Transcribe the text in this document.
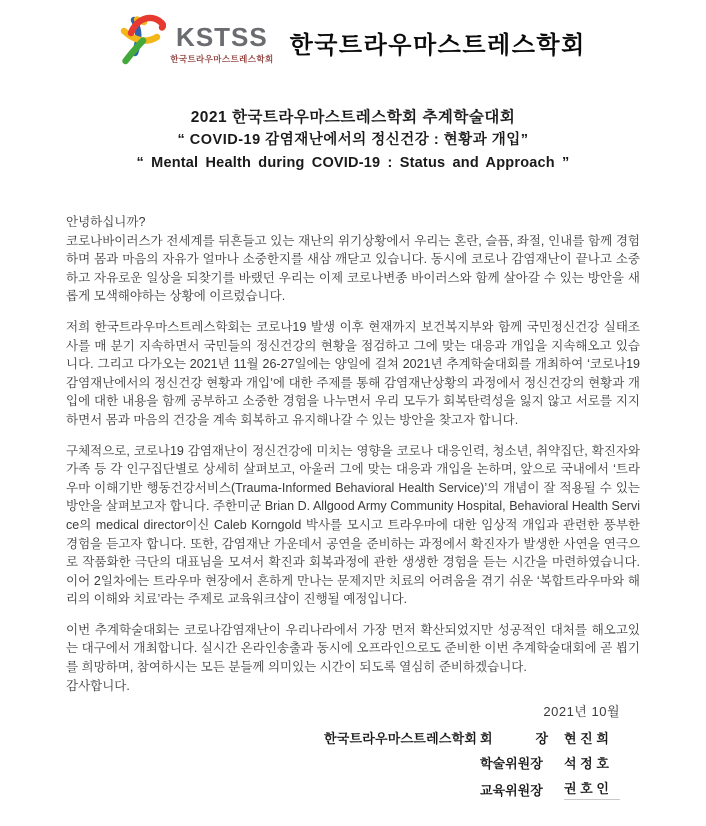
KSTSS
한국트라우마스트레스학회
한국트라우마스트레스학회
2021 한국트라우마스트레스학회 추계학술대회
“ COVID-19 감염재난에서의 정신건강 : 현황과 개입”
“ Mental Health during COVID-19 : Status and Approach ”
안녕하십니까?
코로나바이러스가 전세계를 뒤흔들고 있는 재난의 위기상황에서 우리는 혼란, 슬픔, 좌절, 인내를 함께 경험하며 몸과 마음의 자유가 얼마나 소중한지를 새삼 깨닫고 있습니다. 동시에 코로나 감염재난이 끝나고 소중하고 자유로운 일상을 되찾기를 바랬던 우리는 이제 코로나변종 바이러스와 함께 살아갈 수 있는 방안을 새롭게 모색해야하는 상황에 이르렀습니다.
저희 한국트라우마스트레스학회는 코로나19 발생 이후 현재까지 보건복지부와 함께 국민정신건강 실태조사를 매 분기 지속하면서 국민들의 정신건강의 현황을 점검하고 그에 맞는 대응과 개입을 지속해오고 있습니다. 그리고 다가오는 2021년 11월 26-27일에는 양일에 걸쳐 2021년 추계학술대회를 개최하여 ‘코로나19 감염재난에서의 정신건강 현황과 개입’에 대한 주제를 통해 감염재난상황의 과정에서 정신건강의 현황과 개입에 대한 내용을 함께 공부하고 소중한 경험을 나누면서 우리 모두가 회복탄력성을 잃지 않고 서로를 지지하면서 몸과 마음의 건강을 계속 회복하고 유지해나갈 수 있는 방안을 찾고자 합니다.
구체적으로, 코로나19 감염재난이 정신건강에 미치는 영향을 코로나 대응인력, 청소년, 취약집단, 확진자와 가족 등 각 인구집단별로 상세히 살펴보고, 아울러 그에 맞는 대응과 개입을 논하며, 앞으로 국내에서 ‘트라우마 이해기반 행동건강서비스(Trauma-Informed Behavioral Health Service)’의 개념이 잘 적용될 수 있는 방안을 살펴보고자 합니다. 주한미군 Brian D. Allgood Army Community Hospital, Behavioral Health Service의 medical director이신 Caleb Korngold 박사를 모시고 트라우마에 대한 임상적 개입과 관련한 풍부한 경험을 듣고자 합니다. 또한, 감염재난 가운데서 공연을 준비하는 과정에서 확진자가 발생한 사연을 연극으로 작품화한 극단의 대표님을 모셔서 확진과 회복과정에 관한 생생한 경험을 듣는 시간을 마련하였습니다. 이어 2일차에는 트라우마 현장에서 흔하게 만나는 문제지만 치료의 어려움을 겪기 쉬운 ‘복합트라우마와 해리의 이해와 치료’라는 주제로 교육워크샵이 진행될 예정입니다.
이번 추계학술대회는 코로나감염재난이 우리나라에서 가장 먼저 확산되었지만 성공적인 대처를 해오고있는 대구에서 개최합니다. 실시간 온라인송출과 동시에 오프라인으로도 준비한 이번 추계학술대회에 곧 뵙기를 희망하며, 참여하시는 모든 분들께 의미있는 시간이 되도록 열심히 준비하겠습니다.
감사합니다.
2021년 10월
한국트라우마스트레스학회 회	장 현 진 희
학술위원장	석 정 호
교육위원장	권 호 인
